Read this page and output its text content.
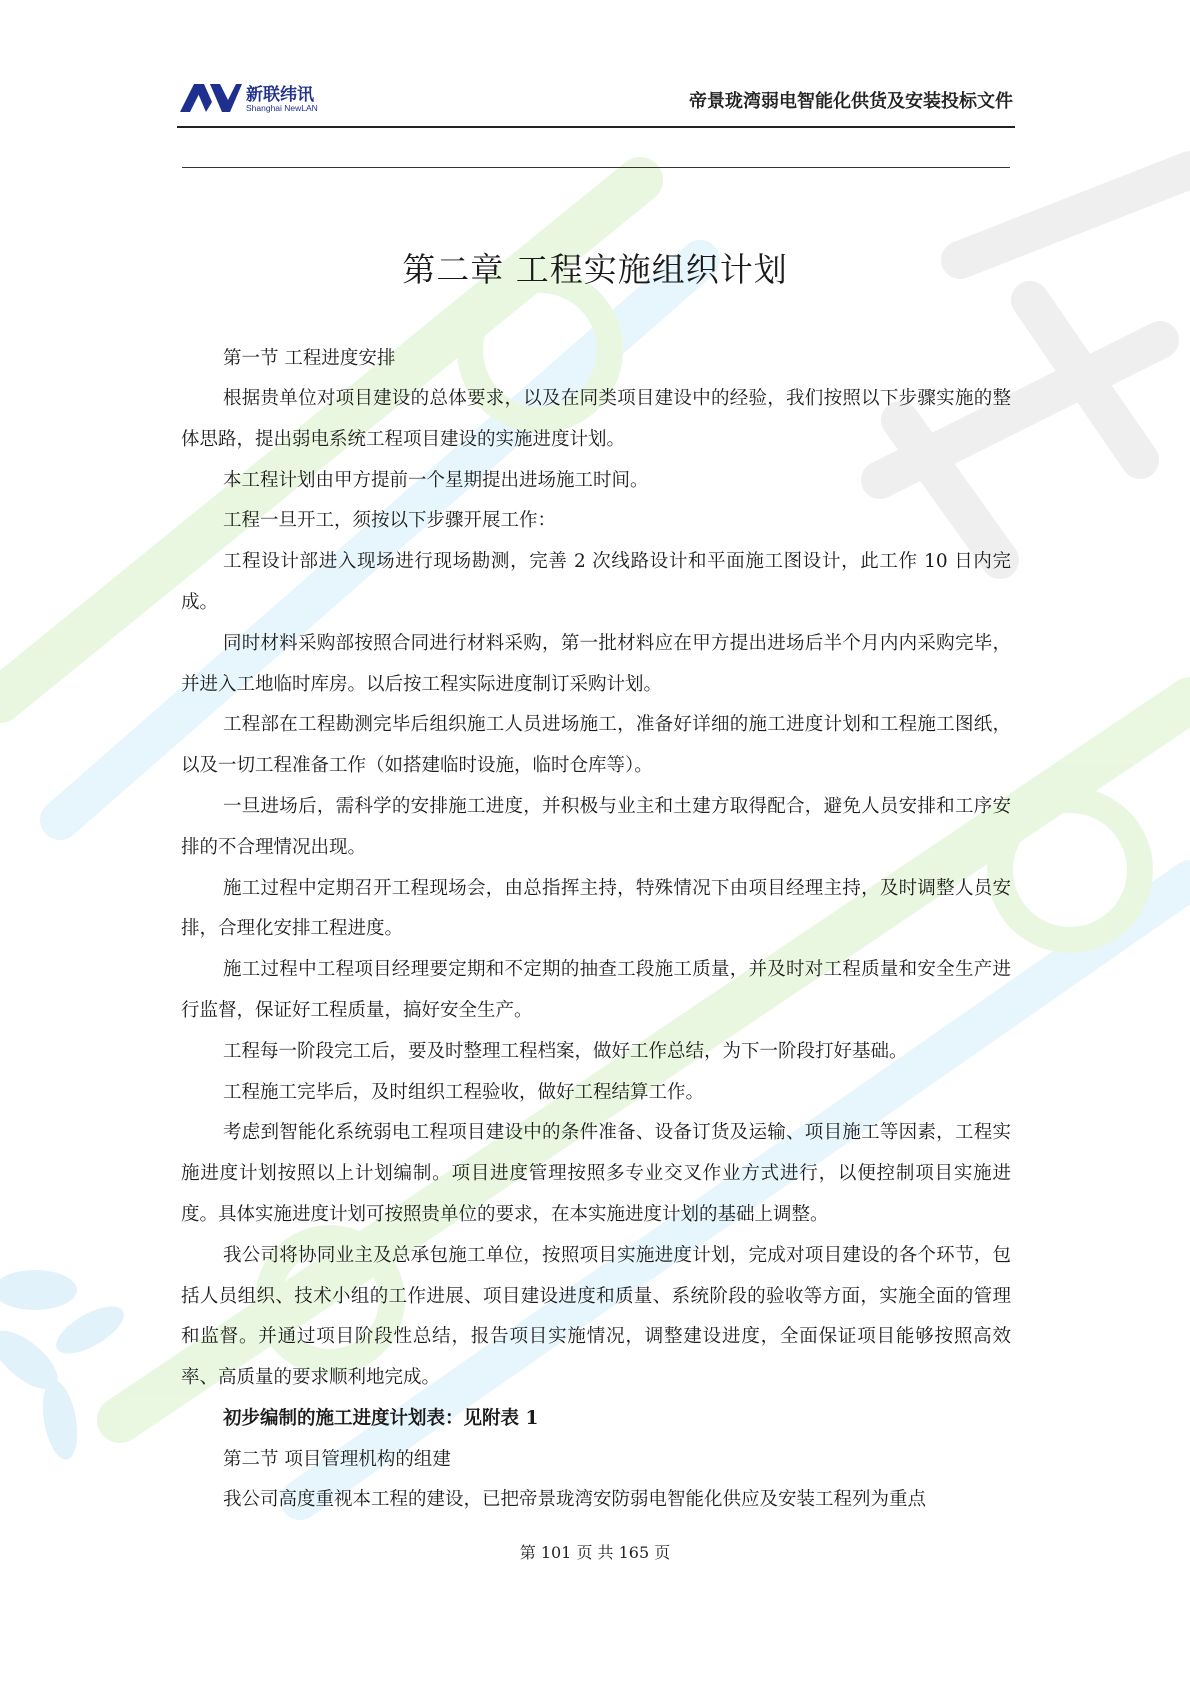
新联纬讯
Shanghai NewLAN	帝景珑湾弱电智能化供货及安装投标文件
第二章 工程实施组织计划

第一节 工程进度安排

根据贵单位对项目建设的总体要求，以及在同类项目建设中的经验，我们按照以下步骤实施的整体思路，提出弱电系统工程项目建设的实施进度计划。

本工程计划由甲方提前一个星期提出进场施工时间。

工程一旦开工，须按以下步骤开展工作：

工程设计部进入现场进行现场勘测，完善 2 次线路设计和平面施工图设计，此工作 10 日内完成。

同时材料采购部按照合同进行材料采购，第一批材料应在甲方提出进场后半个月内内采购完毕，并进入工地临时库房。以后按工程实际进度制订采购计划。

工程部在工程勘测完毕后组织施工人员进场施工，准备好详细的施工进度计划和工程施工图纸，以及一切工程准备工作（如搭建临时设施，临时仓库等）。

一旦进场后，需科学的安排施工进度，并积极与业主和土建方取得配合，避免人员安排和工序安排的不合理情况出现。

施工过程中定期召开工程现场会，由总指挥主持，特殊情况下由项目经理主持，及时调整人员安排，合理化安排工程进度。

施工过程中工程项目经理要定期和不定期的抽查工段施工质量，并及时对工程质量和安全生产进行监督，保证好工程质量，搞好安全生产。

工程每一阶段完工后，要及时整理工程档案，做好工作总结，为下一阶段打好基础。

工程施工完毕后，及时组织工程验收，做好工程结算工作。

考虑到智能化系统弱电工程项目建设中的条件准备、设备订货及运输、项目施工等因素，工程实施进度计划按照以上计划编制。项目进度管理按照多专业交叉作业方式进行，以便控制项目实施进度。具体实施进度计划可按照贵单位的要求，在本实施进度计划的基础上调整。

我公司将协同业主及总承包施工单位，按照项目实施进度计划，完成对项目建设的各个环节，包括人员组织、技术小组的工作进展、项目建设进度和质量、系统阶段的验收等方面，实施全面的管理和监督。并通过项目阶段性总结，报告项目实施情况，调整建设进度，全面保证项目能够按照高效率、高质量的要求顺利地完成。

初步编制的施工进度计划表：见附表 1

第二节 项目管理机构的组建

我公司高度重视本工程的建设，已把帝景珑湾安防弱电智能化供应及安装工程列为重点

第 101 页 共 165 页
